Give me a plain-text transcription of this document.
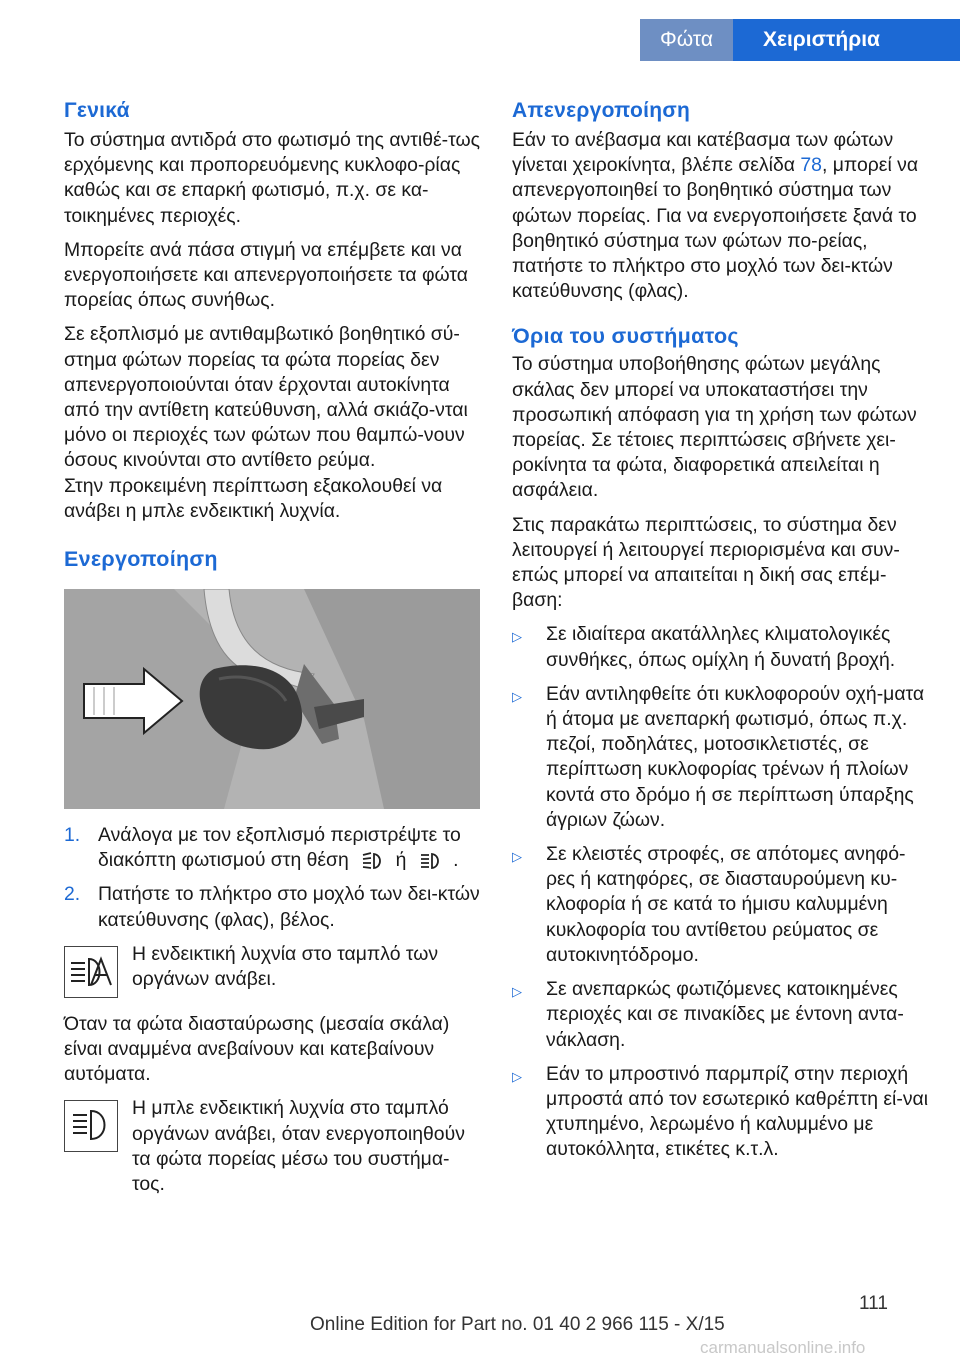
Φώτα	Χειριστήρια
Γενικά

Το σύστημα αντιδρά στο φωτισμό της αντιθέ-τως ερχόμενης και προπορευόμενης κυκλοφο-ρίας καθώς και σε επαρκή φωτισμό, π.χ. σε κα-τοικημένες περιοχές.

Μπορείτε ανά πάσα στιγμή να επέμβετε και να ενεργοποιήσετε και απενεργοποιήσετε τα φώτα πορείας όπως συνήθως.

Σε εξοπλισμό με αντιθαμβωτικό βοηθητικό σύ-στημα φώτων πορείας τα φώτα πορείας δεν απενεργοποιούνται όταν έρχονται αυτοκίνητα από την αντίθετη κατεύθυνση, αλλά σκιάζο-νται μόνο οι περιοχές των φώτων που θαμπώ-νουν όσους κινούνται στο αντίθετο ρεύμα.

Στην προκειμένη περίπτωση εξακολουθεί να ανάβει η μπλε ενδεικτική λυχνία.

Ενεργοποίηση
1. Ανάλογα με τον εξοπλισμό περιστρέψτε το διακόπτη φωτισμού στη θέση ή .
2. Πατήστε το πλήκτρο στο μοχλό των δει-κτών κατεύθυνσης (φλας), βέλος.
Η ενδεικτική λυχνία στο ταμπλό των οργάνων ανάβει.

Όταν τα φώτα διασταύρωσης (μεσαία σκάλα) είναι αναμμένα ανεβαίνουν και κατεβαίνουν αυτόματα.

Η μπλε ενδεικτική λυχνία στο ταμπλό οργάνων ανάβει, όταν ενεργοποιηθούν τα φώτα πορείας μέσω του συστήμα-τος.
Απενεργοποίηση

Εάν το ανέβασμα και κατέβασμα των φώτων γίνεται χειροκίνητα, βλέπε σελίδα 78, μπορεί να απενεργοποιηθεί το βοηθητικό σύστημα των φώτων πορείας. Για να ενεργοποιήσετε ξανά το βοηθητικό σύστημα των φώτων πο-ρείας, πατήστε το πλήκτρο στο μοχλό των δει-κτών κατεύθυνσης (φλας).

Όρια του συστήματος

Το σύστημα υποβοήθησης φώτων μεγάλης σκάλας δεν μπορεί να υποκαταστήσει την προσωπική απόφαση για τη χρήση των φώτων πορείας. Σε τέτοιες περιπτώσεις σβήνετε χει-ροκίνητα τα φώτα, διαφορετικά απειλείται η ασφάλεια.

Στις παρακάτω περιπτώσεις, το σύστημα δεν λειτουργεί ή λειτουργεί περιορισμένα και συν-επώς μπορεί να απαιτείται η δική σας επέμ-βαση:

▷	Σε ιδιαίτερα ακατάλληλες κλιματολογικές συνθήκες, όπως ομίχλη ή δυνατή βροχή.
▷	Εάν αντιληφθείτε ότι κυκλοφορούν οχή-ματα ή άτομα με ανεπαρκή φωτισμό, όπως π.χ. πεζοί, ποδηλάτες, μοτοσικλετιστές, σε περίπτωση κυκλοφορίας τρένων ή πλοίων κοντά στο δρόμο ή σε περίπτωση ύπαρξης άγριων ζώων.
▷	Σε κλειστές στροφές, σε απότομες ανηφό-ρες ή κατηφόρες, σε διασταυρούμενη κυ-κλοφορία ή σε κατά το ήμισυ καλυμμένη κυκλοφορία του αντίθετου ρεύματος σε αυτοκινητόδρομο.
▷	Σε ανεπαρκώς φωτιζόμενες κατοικημένες περιοχές και σε πινακίδες με έντονη αντα-νάκλαση.
▷	Εάν το μπροστινό παρμπρίζ στην περιοχή μπροστά από τον εσωτερικό καθρέπτη εί-ναι χτυπημένο, λερωμένο ή καλυμμένο με αυτοκόλλητα, ετικέτες κ.τ.λ.
111
Online Edition for Part no. 01 40 2 966 115 - X/15
carmanualsonline.info
